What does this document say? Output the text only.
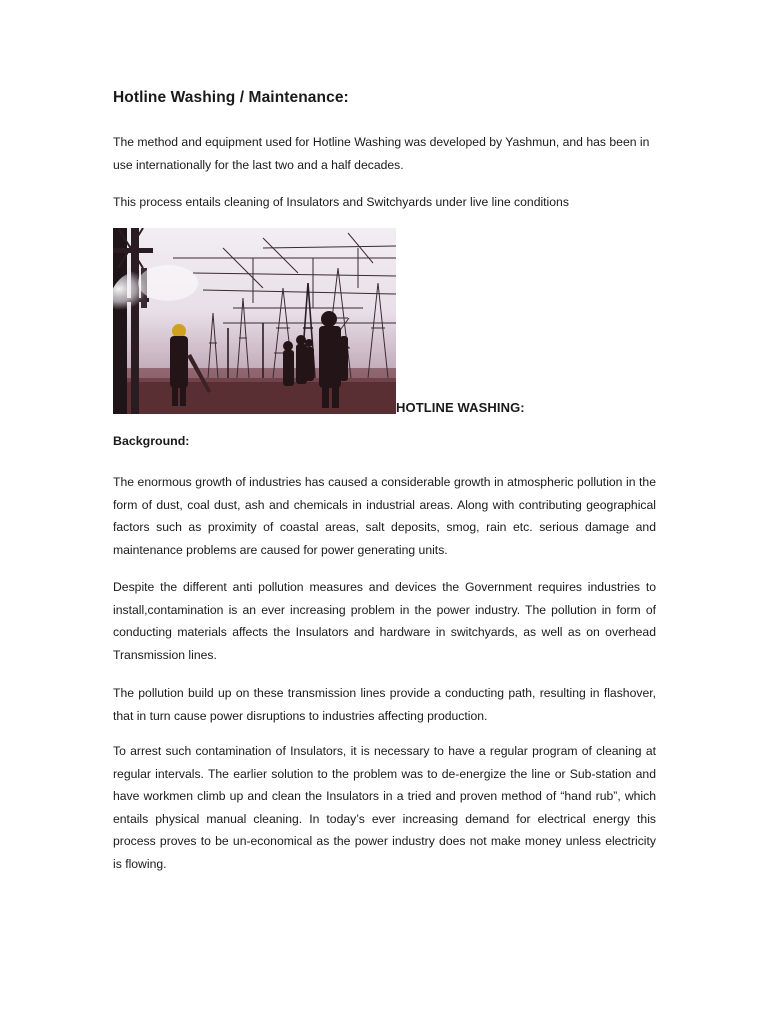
Hotline Washing / Maintenance:

The method and equipment used for Hotline Washing was developed by Yashmun, and has been in use internationally for the last two and a half decades.

This process entails cleaning of Insulators and Switchyards under live line conditions

HOTLINE WASHING:

Background:

The enormous growth of industries has caused a considerable growth in atmospheric pollution in the form of dust, coal dust, ash and chemicals in industrial areas. Along with contributing geographical factors such as proximity of coastal areas, salt deposits, smog, rain etc. serious damage and maintenance problems are caused for power generating units.

Despite the different anti pollution measures and devices the Government requires industries to install,contamination is an ever increasing problem in the power industry. The pollution in form of conducting materials affects the Insulators and hardware in switchyards, as well as on overhead Transmission lines.

The pollution build up on these transmission lines provide a conducting path, resulting in flashover, that in turn cause power disruptions to industries affecting production.

To arrest such contamination of Insulators, it is necessary to have a regular program of cleaning at regular intervals. The earlier solution to the problem was to de-energize the line or Sub-station and have workmen climb up and clean the Insulators in a tried and proven method of “hand rub”, which entails physical manual cleaning. In today’s ever increasing demand for electrical energy this process proves to be un-economical as the power industry does not make money unless electricity is flowing.
